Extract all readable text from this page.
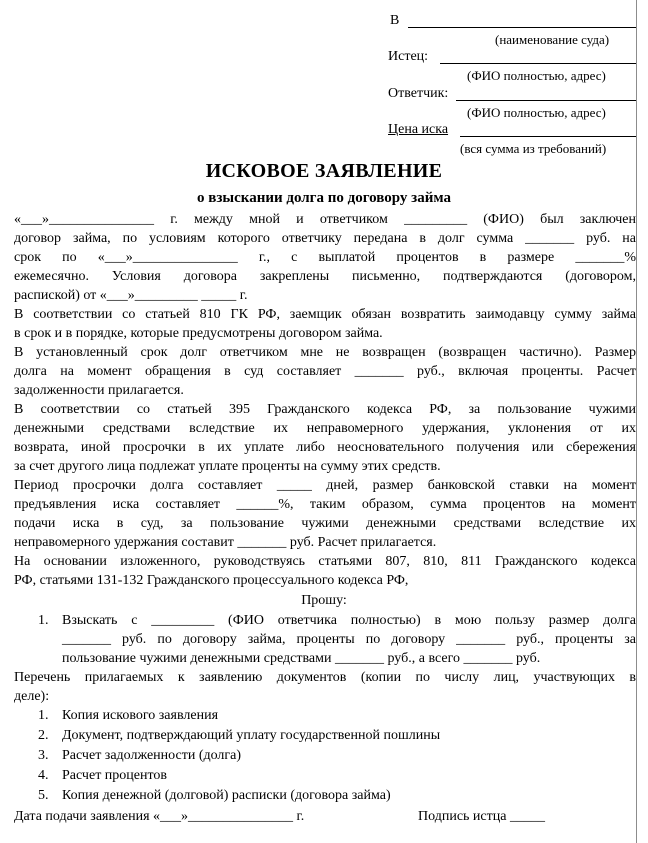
В
(наименование суда)
Истец:
(ФИО полностью, адрес)
Ответчик:
(ФИО полностью, адрес)
Цена иска
(вся сумма из требований)
ИСКОВОЕ ЗАЯВЛЕНИЕ
о взыскании долга по договору займа
«___»_______________ г. между мной и ответчиком _________ (ФИО) был заключен
договор займа, по условиям которого ответчику передана в долг сумма _______ руб. на
срок по «___»_______________ г., с выплатой процентов в размере _______%
ежемесячно. Условия договора закреплены письменно, подтверждаются (договором,
распиской) от «___»_________ _____ г.
В соответствии со статьей 810 ГК РФ, заемщик обязан возвратить заимодавцу сумму займа
в срок и в порядке, которые предусмотрены договором займа.
В установленный срок долг ответчиком мне не возвращен (возвращен частично). Размер
долга на момент обращения в суд составляет _______ руб., включая проценты. Расчет
задолженности прилагается.
В соответствии со статьей 395 Гражданского кодекса РФ, за пользование чужими
денежными средствами вследствие их неправомерного удержания, уклонения от их
возврата, иной просрочки в их уплате либо неосновательного получения или сбережения
за счет другого лица подлежат уплате проценты на сумму этих средств.
Период просрочки долга составляет _____ дней, размер банковской ставки на момент
предъявления иска составляет ______%, таким образом, сумма процентов на момент
подачи иска в суд, за пользование чужими денежными средствами вследствие их
неправомерного удержания составит _______ руб. Расчет прилагается.
На основании изложенного, руководствуясь статьями 807, 810, 811 Гражданского кодекса
РФ, статьями 131-132 Гражданского процессуального кодекса РФ,
Прошу:
1. Взыскать с _________ (ФИО ответчика полностью) в мою пользу размер долга
_______ руб. по договору займа, проценты по договору _______ руб., проценты за
пользование чужими денежными средствами _______ руб., а всего _______ руб.
Перечень прилагаемых к заявлению документов (копии по числу лиц, участвующих в
деле):
1. Копия искового заявления
2. Документ, подтверждающий уплату государственной пошлины
3. Расчет задолженности (долга)
4. Расчет процентов
5. Копия денежной (долговой) расписки (договора займа)
Дата подачи заявления «___»_______________ г.	Подпись истца _____
